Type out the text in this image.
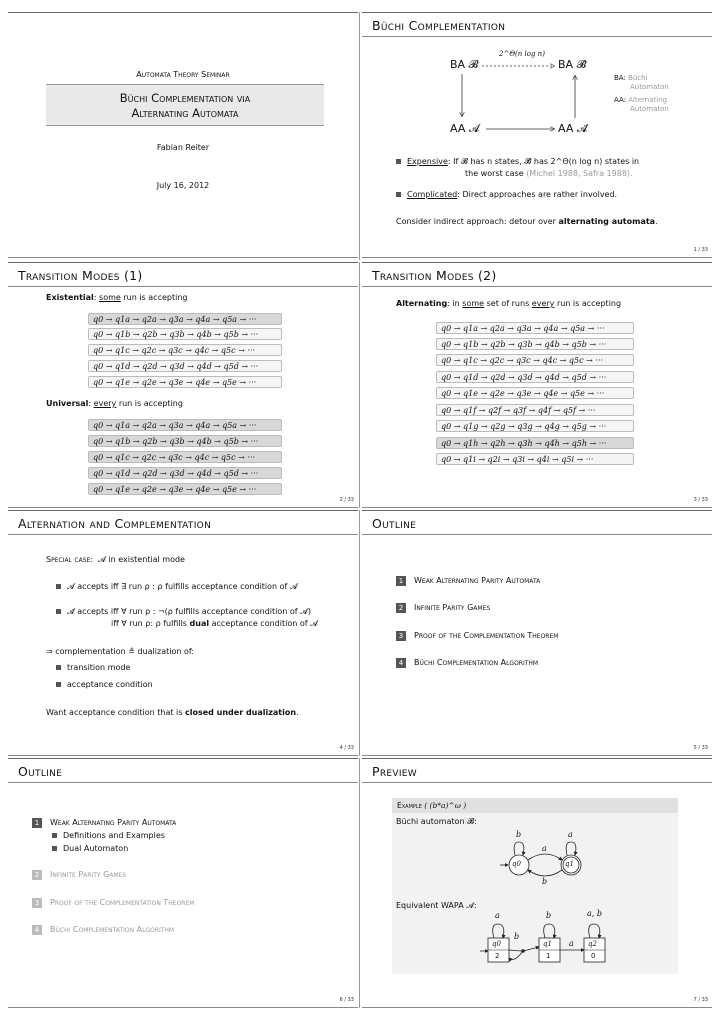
Automata Theory Seminar
Büchi Complementation via
Alternating Automata
Fabian Reiter
July 16, 2012
Büchi Complementation
BA 𝓑	BA 𝓑̄
AA 𝓐	AA 𝓐̄
2^Θ(n log n)
BA: Büchi
Automaton
AA: Alternating
Automaton
Expensive: If 𝓑 has n states, 𝓑̄ has 2^Θ(n log n) states in
the worst case (Michel 1988, Safra 1988).
Complicated: Direct approaches are rather involved.
Consider indirect approach: detour over alternating automata.
1 / 33
Transition Modes (1)
Existential: some run is accepting
q0 → q1a → q2a → q3a → q4a → q5a → ···
q0 → q1b → q2b → q3b → q4b → q5b → ···
q0 → q1c → q2c → q3c → q4c → q5c → ···
q0 → q1d → q2d → q3d → q4d → q5d → ···
q0 → q1e → q2e → q3e → q4e → q5e → ···
Universal: every run is accepting
q0 → q1a → q2a → q3a → q4a → q5a → ···
q0 → q1b → q2b → q3b → q4b → q5b → ···
q0 → q1c → q2c → q3c → q4c → q5c → ···
q0 → q1d → q2d → q3d → q4d → q5d → ···
q0 → q1e → q2e → q3e → q4e → q5e → ···
2 / 33
Transition Modes (2)
Alternating: in some set of runs every run is accepting
q0 → q1a → q2a → q3a → q4a → q5a → ···
q0 → q1b → q2b → q3b → q4b → q5b → ···
q0 → q1c → q2c → q3c → q4c → q5c → ···
q0 → q1d → q2d → q3d → q4d → q5d → ···
q0 → q1e → q2e → q3e → q4e → q5e → ···
q0 → q1f → q2f → q3f → q4f → q5f → ···
q0 → q1g → q2g → q3g → q4g → q5g → ···
q0 → q1h → q2h → q3h → q4h → q5h → ···
q0 → q1i → q2i → q3i → q4i → q5i → ···
3 / 33
Alternation and Complementation
Special case: 𝓐 in existential mode
𝓐 accepts iff ∃ run ρ : ρ fulfills acceptance condition of 𝓐
𝓐̄ accepts iff ∀ run ρ : ¬(ρ fulfills acceptance condition of 𝓐)
iff ∀ run ρ: ρ fulfills dual acceptance condition of 𝓐
⇒ complementation ≙ dualization of:
transition mode
acceptance condition
Want acceptance condition that is closed under dualization.
4 / 33
Outline
1 Weak Alternating Parity Automata
2 Infinite Parity Games
3 Proof of the Complementation Theorem
4 Büchi Complementation Algorithm
5 / 33
Outline
1 Weak Alternating Parity Automata
Definitions and Examples
Dual Automaton
2 Infinite Parity Games
3 Proof of the Complementation Theorem
4 Büchi Complementation Algorithm
6 / 33
Preview
Example ( (b*a)^ω )
Büchi automaton 𝓑:
Equivalent WAPA 𝓐:
q0	q1
b	a
a
b
q0	q1	q2
2	1	0
a	b	a, b
b
a
7 / 33
